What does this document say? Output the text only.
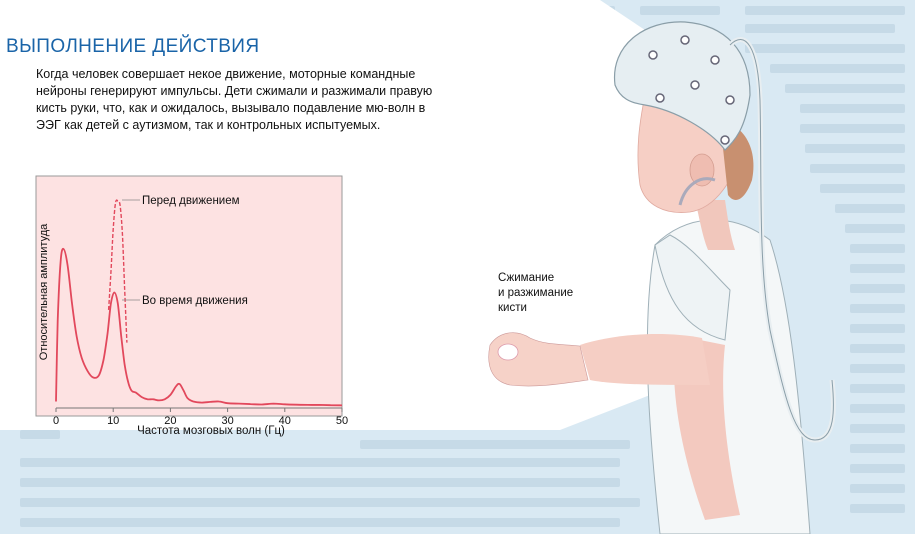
ВЫПОЛНЕНИЕ ДЕЙСТВИЯ

Когда человек совершает некое движение, моторные командные нейроны генерируют импульсы. Дети сжимали и разжимали правую кисть руки, что, как и ожидалось, вызывало подавление мю-волн в ЭЭГ как детей с аутизмом, так и контрольных испытуемых.

0	10	20	30	40	50
Относительная амплитуда
Частота мозговых волн (Гц)
Перед движением
Во время движения
Сжимание
и разжимание
кисти
